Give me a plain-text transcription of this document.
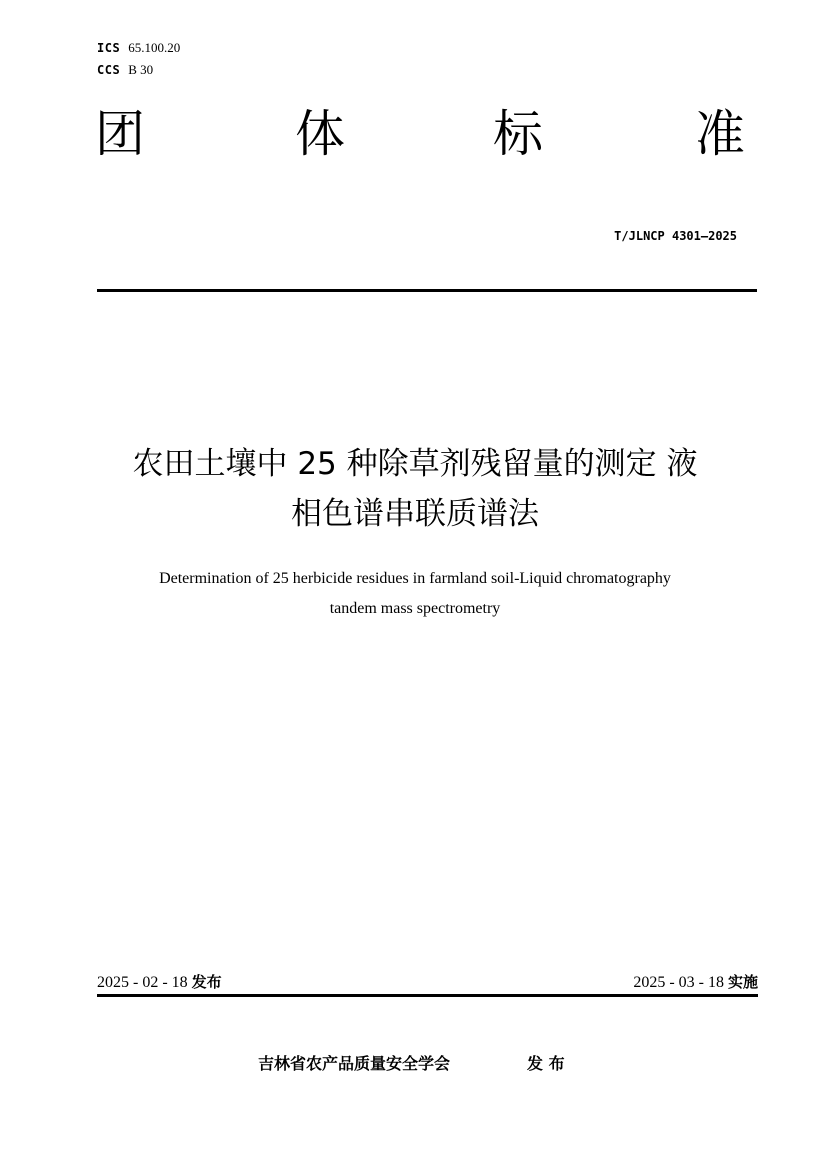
ICS 65.100.20
CCS B 30
团	体	标	准
T/JLNCP 4301—2025
农田土壤中 25 种除草剂残留量的测定 液
相色谱串联质谱法
Determination of 25 herbicide residues in farmland soil-Liquid chromatography
tandem mass spectrometry
2025 - 02 - 18 发布	2025 - 03 - 18 实施
吉林省农产品质量安全学会	发 布
